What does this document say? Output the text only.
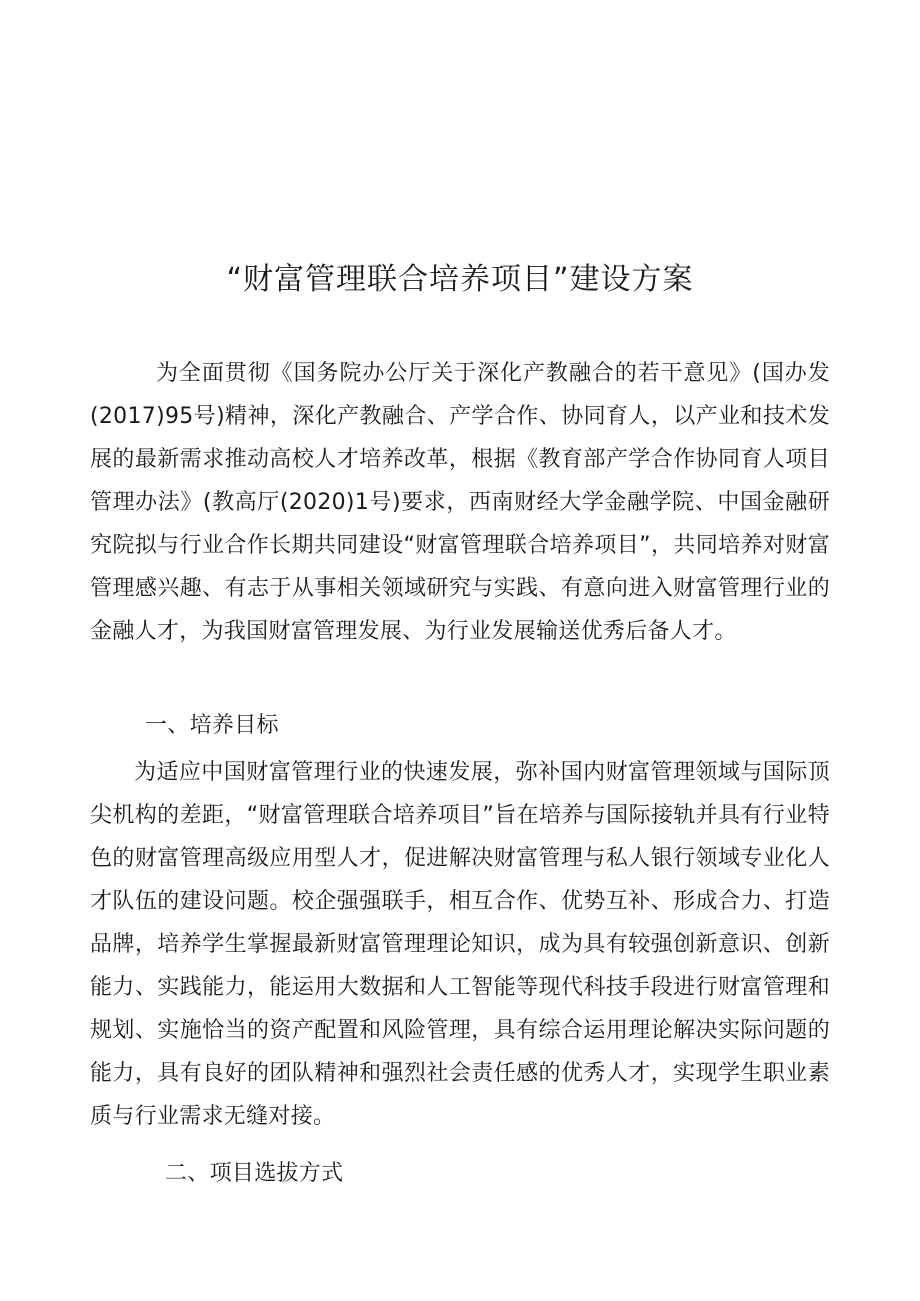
“财富管理联合培养项目”建设方案

为全面贯彻《国务院办公厅关于深化产教融合的若干意见》(国办发(2017)95号)精神，深化产教融合、产学合作、协同育人，以产业和技术发展的最新需求推动高校人才培养改革，根据《教育部产学合作协同育人项目管理办法》(教高厅(2020)1号)要求，西南财经大学金融学院、中国金融研究院拟与行业合作长期共同建设“财富管理联合培养项目”，共同培养对财富管理感兴趣、有志于从事相关领域研究与实践、有意向进入财富管理行业的金融人才，为我国财富管理发展、为行业发展输送优秀后备人才。

一、培养目标

为适应中国财富管理行业的快速发展，弥补国内财富管理领域与国际顶尖机构的差距，“财富管理联合培养项目”旨在培养与国际接轨并具有行业特色的财富管理高级应用型人才，促进解决财富管理与私人银行领域专业化人才队伍的建设问题。校企强强联手，相互合作、优势互补、形成合力、打造品牌，培养学生掌握最新财富管理理论知识，成为具有较强创新意识、创新能力、实践能力，能运用大数据和人工智能等现代科技手段进行财富管理和规划、实施恰当的资产配置和风险管理，具有综合运用理论解决实际问题的能力，具有良好的团队精神和强烈社会责任感的优秀人才，实现学生职业素质与行业需求无缝对接。

二、项目选拔方式
